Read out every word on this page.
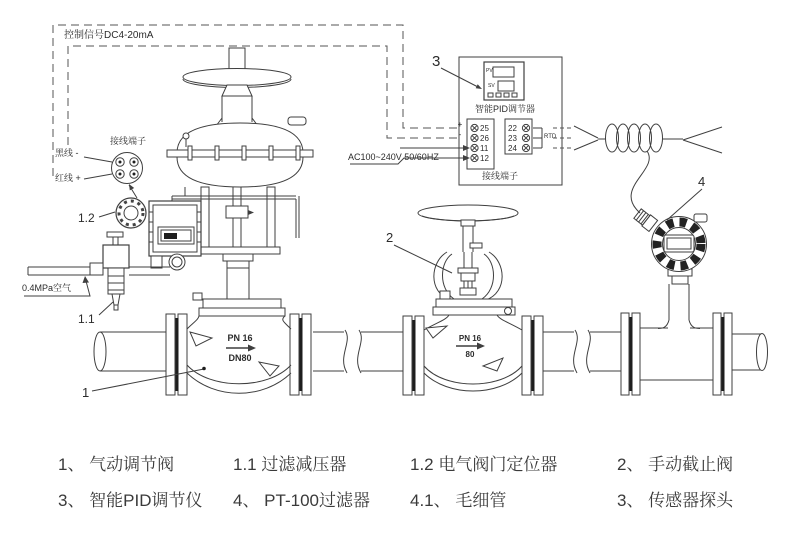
控制信号DC4-20mA
黑线 -
红线 +
接线端子
0.4MPa空气
PN 16
DN80
PN 16
80
PV
SV
智能PID调节器
25
26
11
12
+
-
22
23
24
接线端子
AC100~240V 50/60HZ
RTD
1
1.1
1.2
2
3
4
1、 气动调节阀	1.1 过滤减压器	1.2 电气阀门定位器	2、 手动截止阀
3、 智能PID调节仪 4、 PT-100过滤器 4.1、 毛细管	3、 传感器探头
